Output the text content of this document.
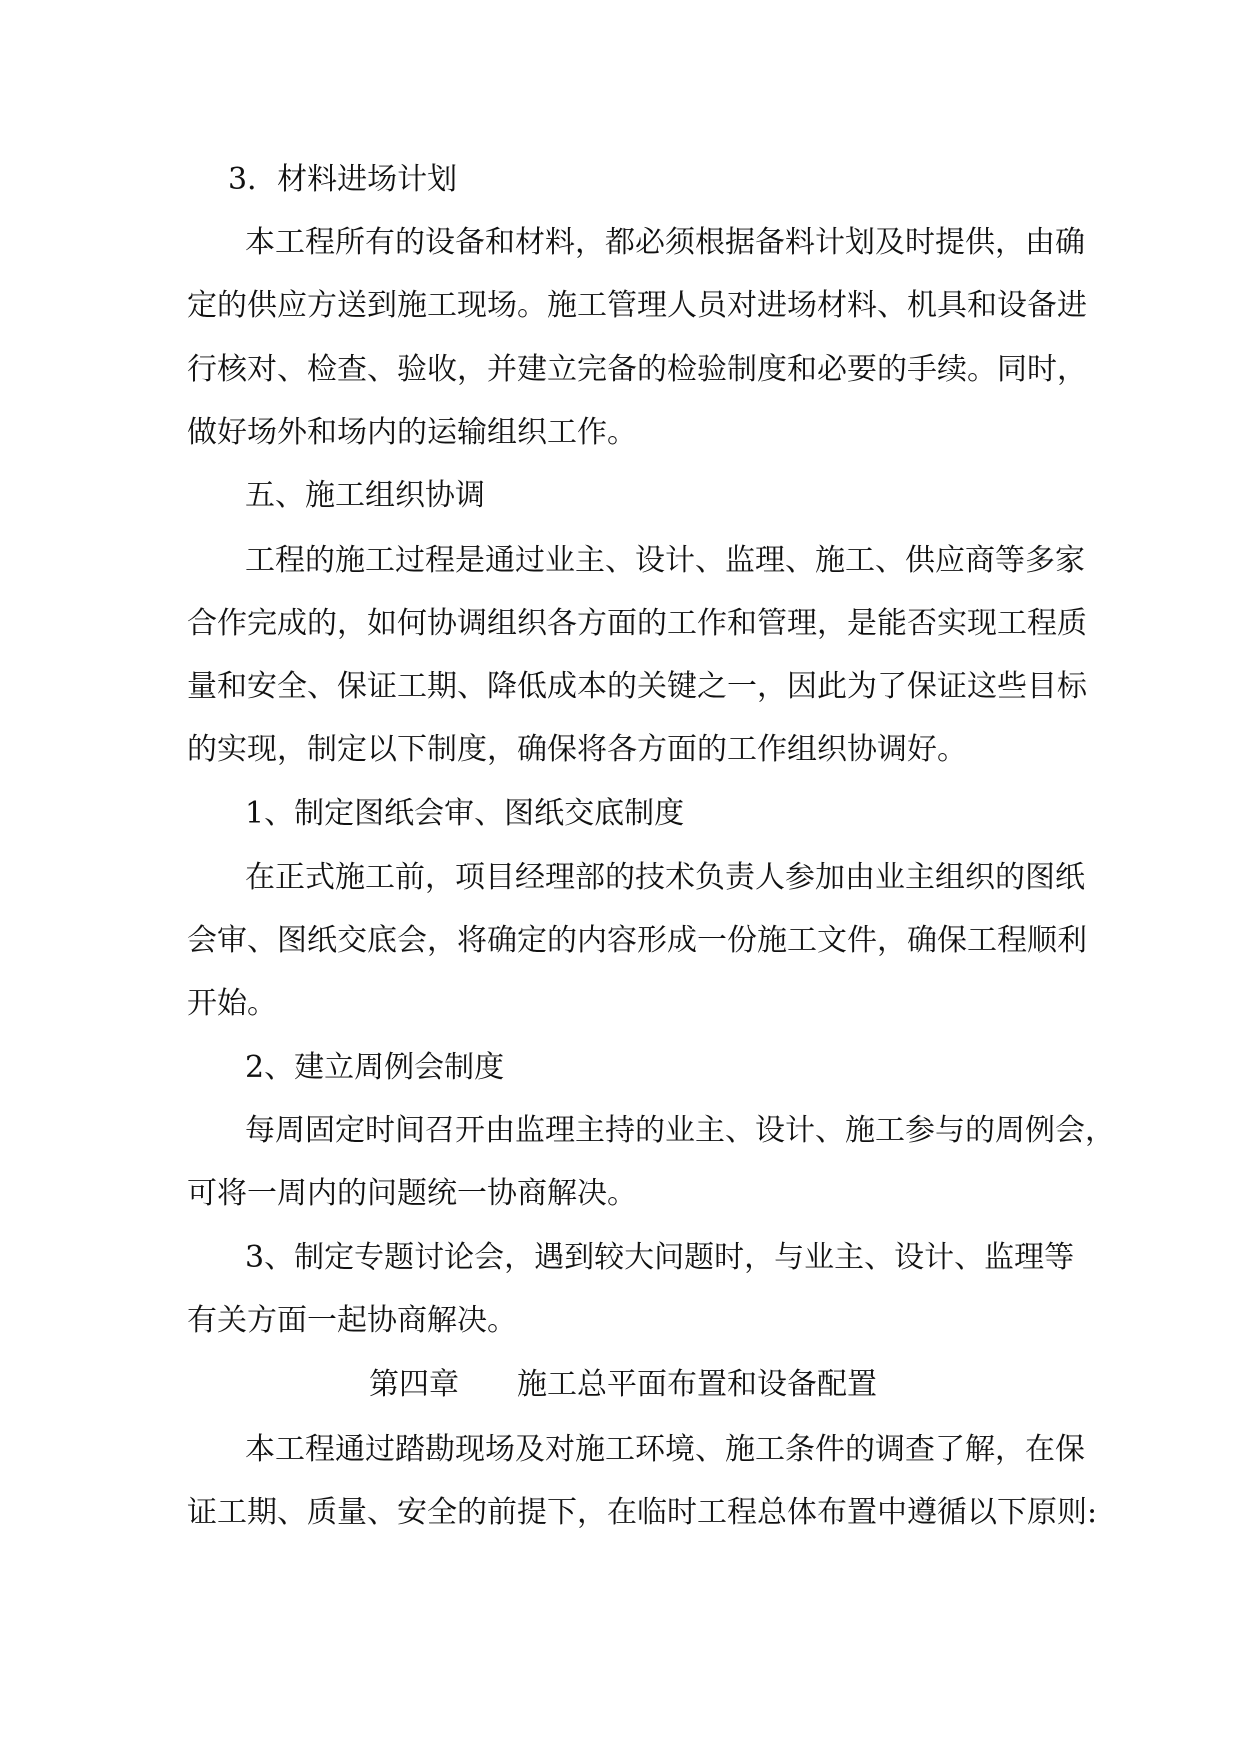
3．材料进场计划
本工程所有的设备和材料，都必须根据备料计划及时提供，由确
定的供应方送到施工现场。施工管理人员对进场材料、机具和设备进
行核对、检查、验收，并建立完备的检验制度和必要的手续。同时，
做好场外和场内的运输组织工作。
五、施工组织协调
工程的施工过程是通过业主、设计、监理、施工、供应商等多家
合作完成的，如何协调组织各方面的工作和管理，是能否实现工程质
量和安全、保证工期、降低成本的关键之一，因此为了保证这些目标
的实现，制定以下制度，确保将各方面的工作组织协调好。
1、制定图纸会审、图纸交底制度
在正式施工前，项目经理部的技术负责人参加由业主组织的图纸
会审、图纸交底会，将确定的内容形成一份施工文件，确保工程顺利
开始。
2、建立周例会制度
每周固定时间召开由监理主持的业主、设计、施工参与的周例会，
可将一周内的问题统一协商解决。
3、制定专题讨论会，遇到较大问题时，与业主、设计、监理等
有关方面一起协商解决。
第四章 施工总平面布置和设备配置
本工程通过踏勘现场及对施工环境、施工条件的调查了解，在保
证工期、质量、安全的前提下，在临时工程总体布置中遵循以下原则:
